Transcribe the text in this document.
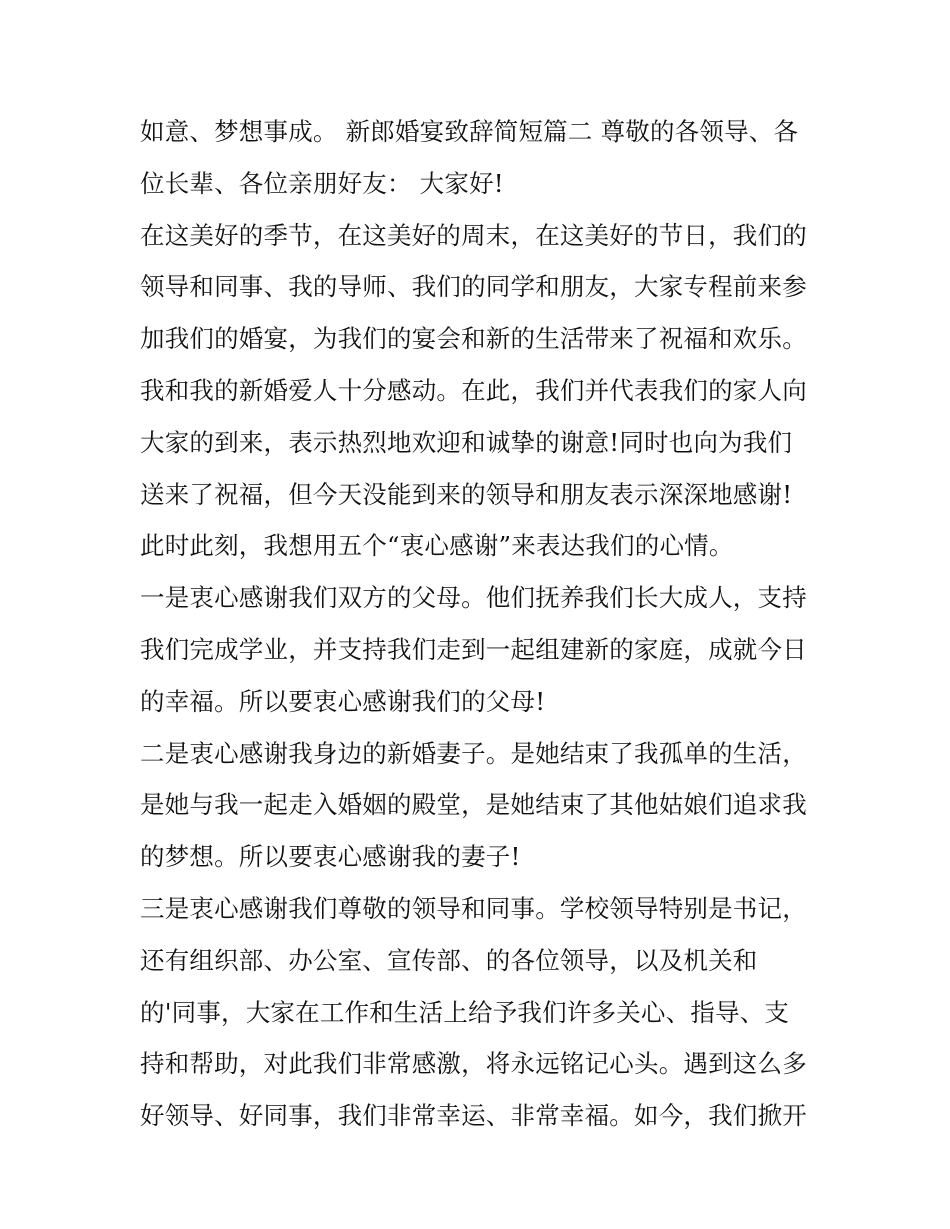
如意、梦想事成。 新郎婚宴致辞简短篇二 尊敬的各领导、各
位长辈、各位亲朋好友： 大家好!
在这美好的季节，在这美好的周末，在这美好的节日，我们的
领导和同事、我的导师、我们的同学和朋友，大家专程前来参
加我们的婚宴，为我们的宴会和新的生活带来了祝福和欢乐。
我和我的新婚爱人十分感动。在此，我们并代表我们的家人向
大家的到来，表示热烈地欢迎和诚挚的谢意!同时也向为我们
送来了祝福，但今天没能到来的领导和朋友表示深深地感谢!
此时此刻，我想用五个“衷心感谢”来表达我们的心情。
一是衷心感谢我们双方的父母。他们抚养我们长大成人，支持
我们完成学业，并支持我们走到一起组建新的家庭，成就今日
的幸福。所以要衷心感谢我们的父母!
二是衷心感谢我身边的新婚妻子。是她结束了我孤单的生活，
是她与我一起走入婚姻的殿堂，是她结束了其他姑娘们追求我
的梦想。所以要衷心感谢我的妻子!
三是衷心感谢我们尊敬的领导和同事。学校领导特别是书记，
还有组织部、办公室、宣传部、的各位领导，以及机关和
的'同事，大家在工作和生活上给予我们许多关心、指导、支
持和帮助，对此我们非常感激，将永远铭记心头。遇到这么多
好领导、好同事，我们非常幸运、非常幸福。如今，我们掀开
